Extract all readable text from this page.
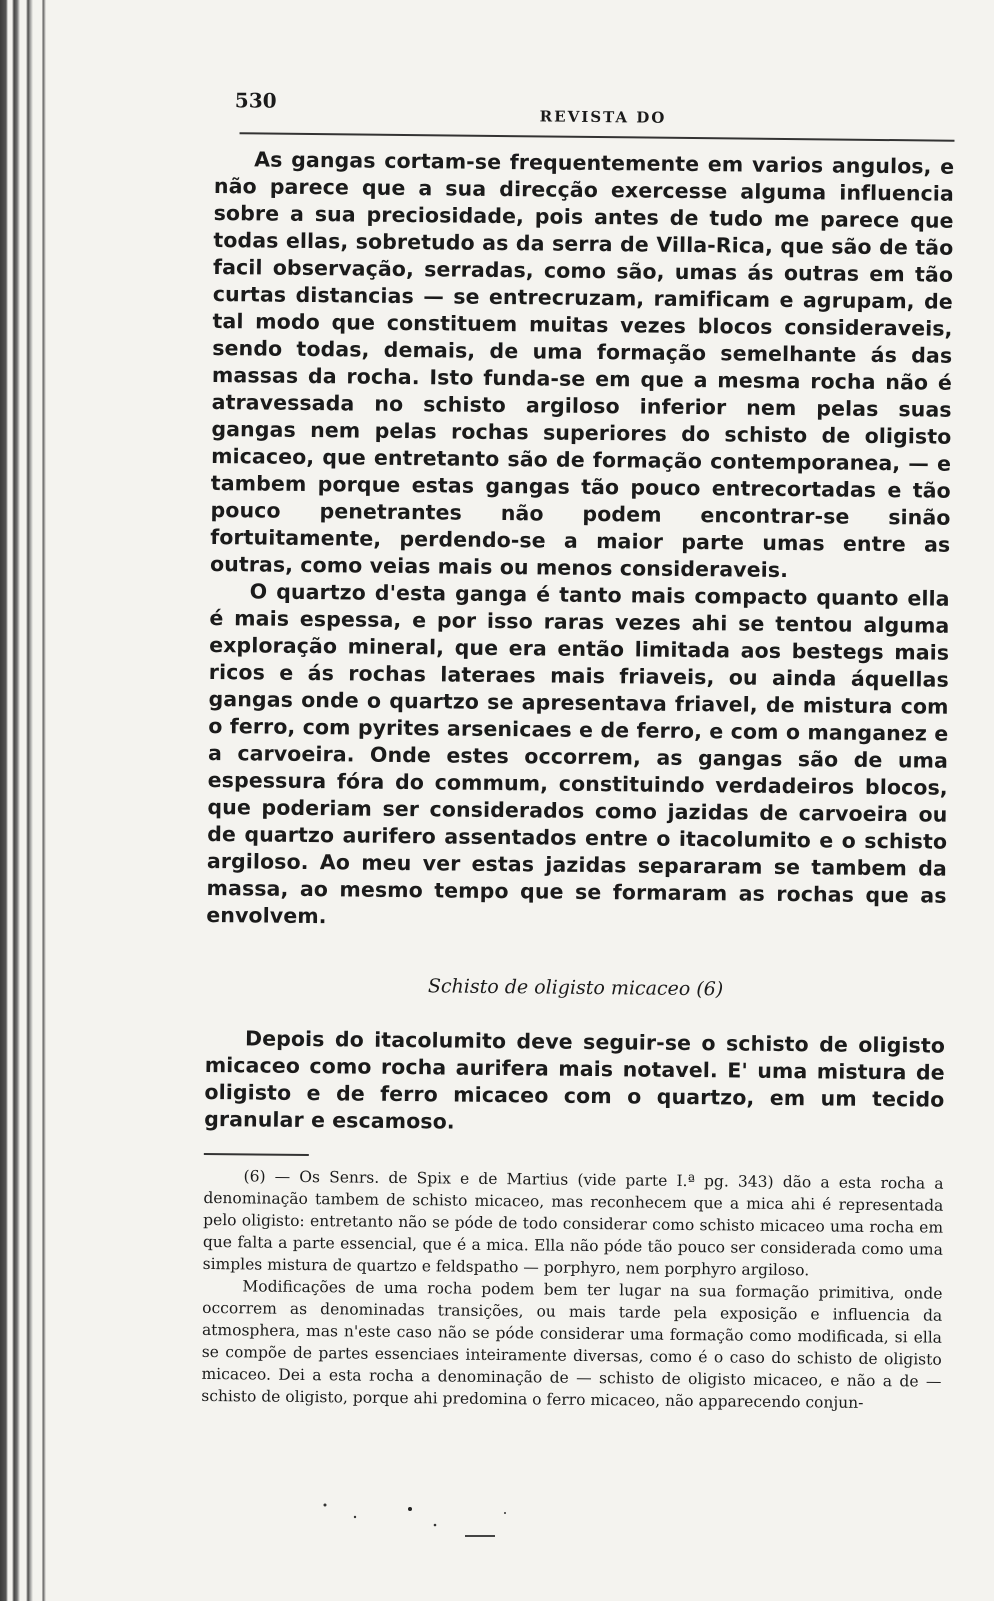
530
REVISTA DO

As gangas cortam-se frequentemente em varios angulos, e não parece que a sua direcção exercesse alguma influencia sobre a sua preciosidade, pois antes de tudo me parece que todas ellas, sobretudo as da serra de Villa-Rica, que são de tão facil observação, serradas, como são, umas ás outras em tão curtas distancias — se entrecruzam, ramificam e agrupam, de tal modo que constituem muitas vezes blocos consideraveis, sendo todas, demais, de uma formação semelhante ás das massas da rocha. Isto funda-se em que a mesma rocha não é atravessada no schisto argiloso inferior nem pelas suas gangas nem pelas rochas superiores do schisto de oligisto micaceo, que entretanto são de formação contemporanea, — e tambem porque estas gangas tão pouco entrecortadas e tão pouco penetrantes não podem encontrar-se sinão fortuitamente, perdendo-se a maior parte umas entre as outras, como veias mais ou menos consideraveis.

O quartzo d'esta ganga é tanto mais compacto quanto ella é mais espessa, e por isso raras vezes ahi se tentou alguma exploração mineral, que era então limitada aos bestegs mais ricos e ás rochas lateraes mais friaveis, ou ainda áquellas gangas onde o quartzo se apresentava friavel, de mistura com o ferro, com pyrites arsenicaes e de ferro, e com o manganez e a carvoeira. Onde estes occorrem, as gangas são de uma espessura fóra do commum, constituindo verdadeiros blocos, que poderiam ser considerados como jazidas de carvoeira ou de quartzo aurifero assentados entre o itacolumito e o schisto argiloso. Ao meu ver estas jazidas separaram se tambem da massa, ao mesmo tempo que se formaram as rochas que as envolvem.

Schisto de oligisto micaceo (6)

Depois do itacolumito deve seguir-se o schisto de oligisto micaceo como rocha aurifera mais notavel. E' uma mistura de oligisto e de ferro micaceo com o quartzo, em um tecido granular e escamoso.

(6) — Os Senrs. de Spix e de Martius (vide parte I.ª pg. 343) dão a esta rocha a denominação tambem de schisto micaceo, mas reconhecem que a mica ahi é representada pelo oligisto: entretanto não se póde de todo considerar como schisto micaceo uma rocha em que falta a parte essencial, que é a mica. Ella não póde tão pouco ser considerada como uma simples mistura de quartzo e feldspatho — porphyro, nem porphyro argiloso.

Modificações de uma rocha podem bem ter lugar na sua formação primitiva, onde occorrem as denominadas transições, ou mais tarde pela exposição e influencia da atmosphera, mas n'este caso não se póde considerar uma formação como modificada, si ella se compõe de partes essenciaes inteiramente diversas, como é o caso do schisto de oligisto micaceo. Dei a esta rocha a denominação de — schisto de oligisto micaceo, e não a de — schisto de oligisto, porque ahi predomina o ferro micaceo, não apparecendo conjun-
